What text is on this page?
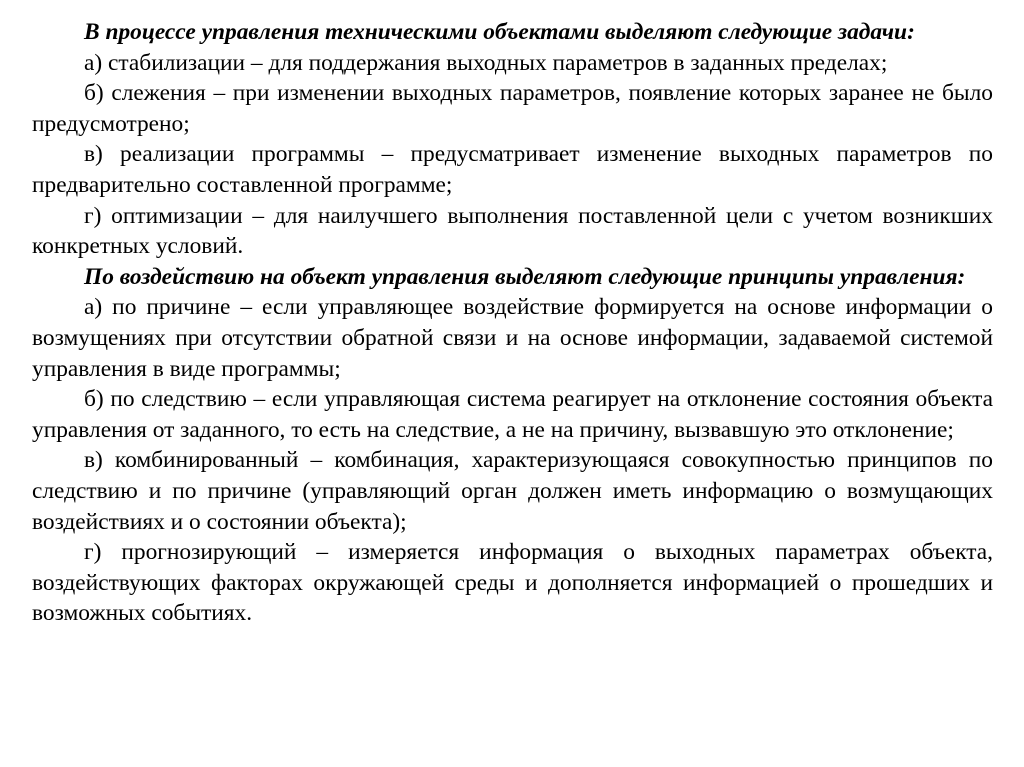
В процессе управления техническими объектами выделяют следующие задачи:

а) стабилизации – для поддержания выходных параметров в заданных пределах;

б) слежения – при изменении выходных параметров, появление которых заранее не было предусмотрено;

в) реализации программы – предусматривает изменение выходных параметров по предварительно составленной программе;

г) оптимизации – для наилучшего выполнения поставленной цели с учетом возникших конкретных условий.

По воздействию на объект управления выделяют следующие принципы управления:

а) по причине – если управляющее воздействие формируется на основе информации о возмущениях при отсутствии обратной связи и на основе информации, задаваемой системой управления в виде программы;

б) по следствию – если управляющая система реагирует на отклонение состояния объекта управления от заданного, то есть на следствие, а не на причину, вызвавшую это отклонение;

в) комбинированный – комбинация, характеризующаяся совокупностью принципов по следствию и по причине (управляющий орган должен иметь информацию о возмущающих воздействиях и о состоянии объекта);

г) прогнозирующий – измеряется информация о выходных параметрах объекта, воздействующих факторах окружающей среды и дополняется информацией о прошедших и возможных событиях.
